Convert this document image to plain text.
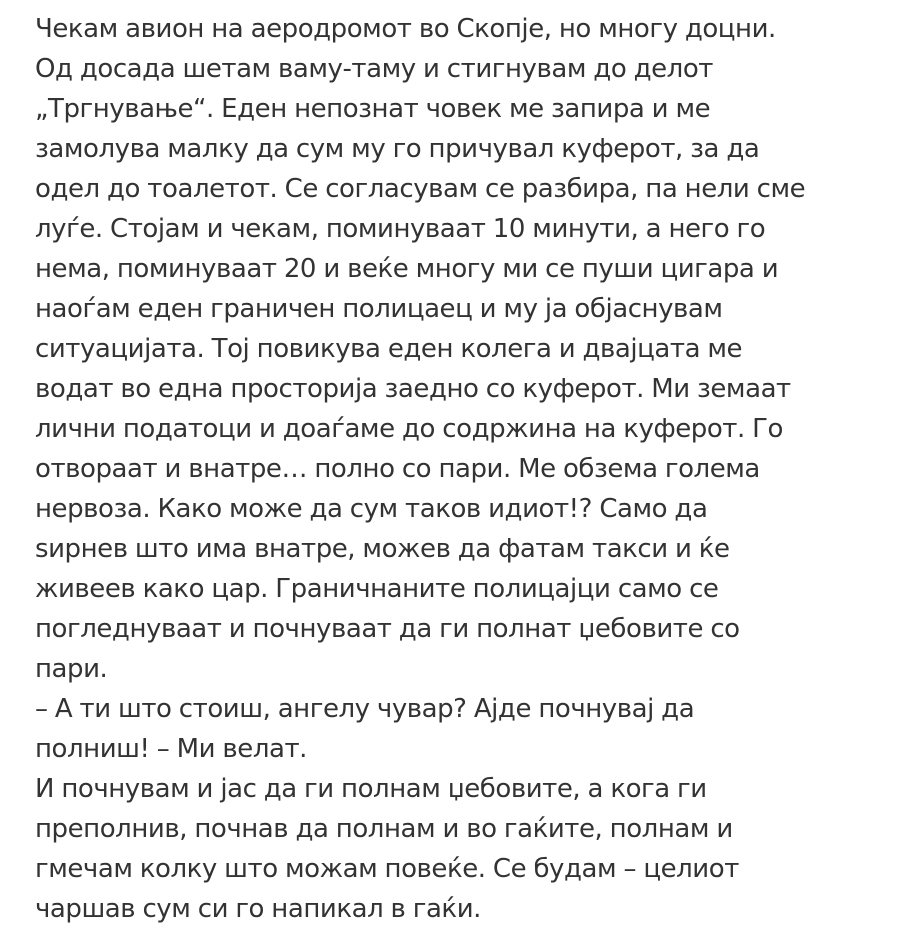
Чекам авион на аеродромот во Скопје, но многу доцни.
Од досада шетам ваму-таму и стигнувам до делот
„Тргнување“. Еден непознат човек ме запира и ме
замолува малку да сум му го причувал куферот, за да
одел до тоалетот. Се согласувам се разбира, па нели сме
луѓе. Стојам и чекам, поминуваат 10 минути, а него го
нема, поминуваат 20 и веќе многу ми се пуши цигара и
наоѓам еден граничен полицаец и му ја објаснувам
ситуацијата. Тој повикува еден колега и двајцата ме
водат во една просторија заедно со куферот. Ми земаат
лични податоци и доаѓаме до содржина на куферот. Го
отвораат и внатре… полно со пари. Ме обзема голема
нервоза. Како може да сум таков идиот!? Само да
ѕирнев што има внатре, можев да фатам такси и ќе
живеев како цар. Граничнаните полицајци само се
погледнуваат и почнуваат да ги полнат џебовите со
пари.
– А ти што стоиш, ангелу чувар? Ајде почнувај да
полниш! – Ми велат.
И почнувам и јас да ги полнам џебовите, а кога ги
преполнив, почнав да полнам и во гаќите, полнам и
гмечам колку што можам повеќе. Се будам – целиот
чаршав сум си го напикал в гаќи.
